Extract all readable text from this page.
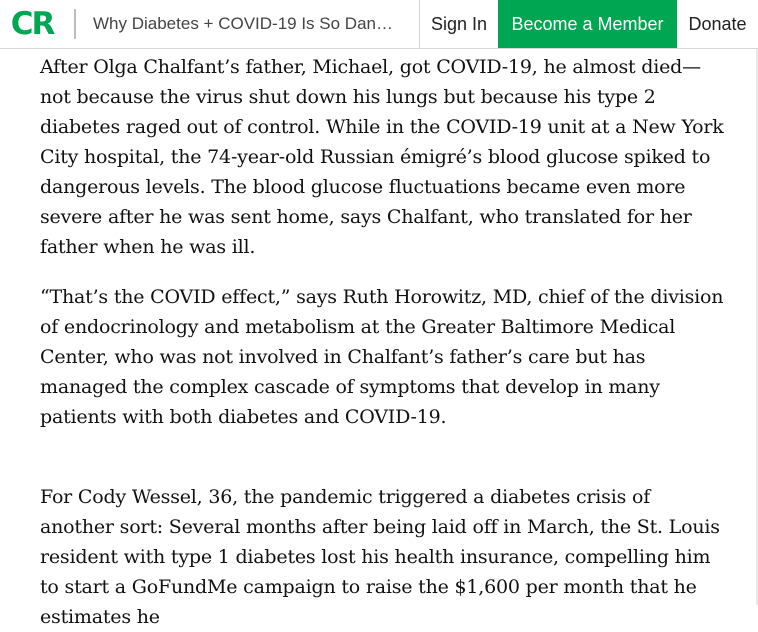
CR Why Diabetes + COVID-19 Is So Dan…	Sign In	Become a Member	Donate

After Olga Chalfant’s father, Michael, got COVID-19, he almost died—not because the virus shut down his lungs but because his type 2 diabetes raged out of control. While in the COVID-19 unit at a New York City hospital, the 74-year-old Russian émigré’s blood glucose spiked to dangerous levels. The blood glucose fluctuations became even more severe after he was sent home, says Chalfant, who translated for her father when he was ill.

“That’s the COVID effect,” says Ruth Horowitz, MD, chief of the division of endocrinology and metabolism at the Greater Baltimore Medical Center, who was not involved in Chalfant’s father’s care but has managed the complex cascade of symptoms that develop in many patients with both diabetes and COVID-19.

For Cody Wessel, 36, the pandemic triggered a diabetes crisis of another sort: Several months after being laid off in March, the St. Louis resident with type 1 diabetes lost his health insurance, compelling him to start a GoFundMe campaign to raise the $1,600 per month that he estimates he
